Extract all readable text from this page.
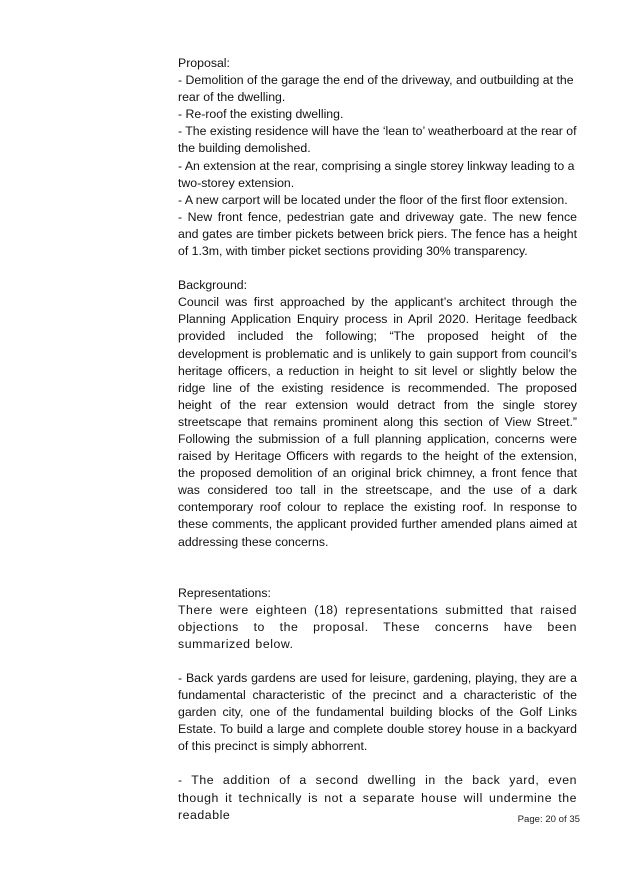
Proposal:

- Demolition of the garage the end of the driveway, and outbuilding at the rear of the dwelling.

- Re-roof the existing dwelling.

- The existing residence will have the ‘lean to’ weatherboard at the rear of the building demolished.

- An extension at the rear, comprising a single storey linkway leading to a two-storey extension.

- A new carport will be located under the floor of the first floor extension.

- New front fence, pedestrian gate and driveway gate. The new fence and gates are timber pickets between brick piers. The fence has a height of 1.3m, with timber picket sections providing 30% transparency.

Background:

Council was first approached by the applicant’s architect through the Planning Application Enquiry process in April 2020. Heritage feedback provided included the following; “The proposed height of the development is problematic and is unlikely to gain support from council’s heritage officers, a reduction in height to sit level or slightly below the ridge line of the existing residence is recommended. The proposed height of the rear extension would detract from the single storey streetscape that remains prominent along this section of View Street.” Following the submission of a full planning application, concerns were raised by Heritage Officers with regards to the height of the extension, the proposed demolition of an original brick chimney, a front fence that was considered too tall in the streetscape, and the use of a dark contemporary roof colour to replace the existing roof. In response to these comments, the applicant provided further amended plans aimed at addressing these concerns.

Representations:

There were eighteen (18) representations submitted that raised objections to the proposal. These concerns have been summarized below.

- Back yards gardens are used for leisure, gardening, playing, they are a fundamental characteristic of the precinct and a characteristic of the garden city, one of the fundamental building blocks of the Golf Links Estate. To build a large and complete double storey house in a backyard of this precinct is simply abhorrent.

- The addition of a second dwelling in the back yard, even though it technically is not a separate house will undermine the readable	Page: 20 of 35
